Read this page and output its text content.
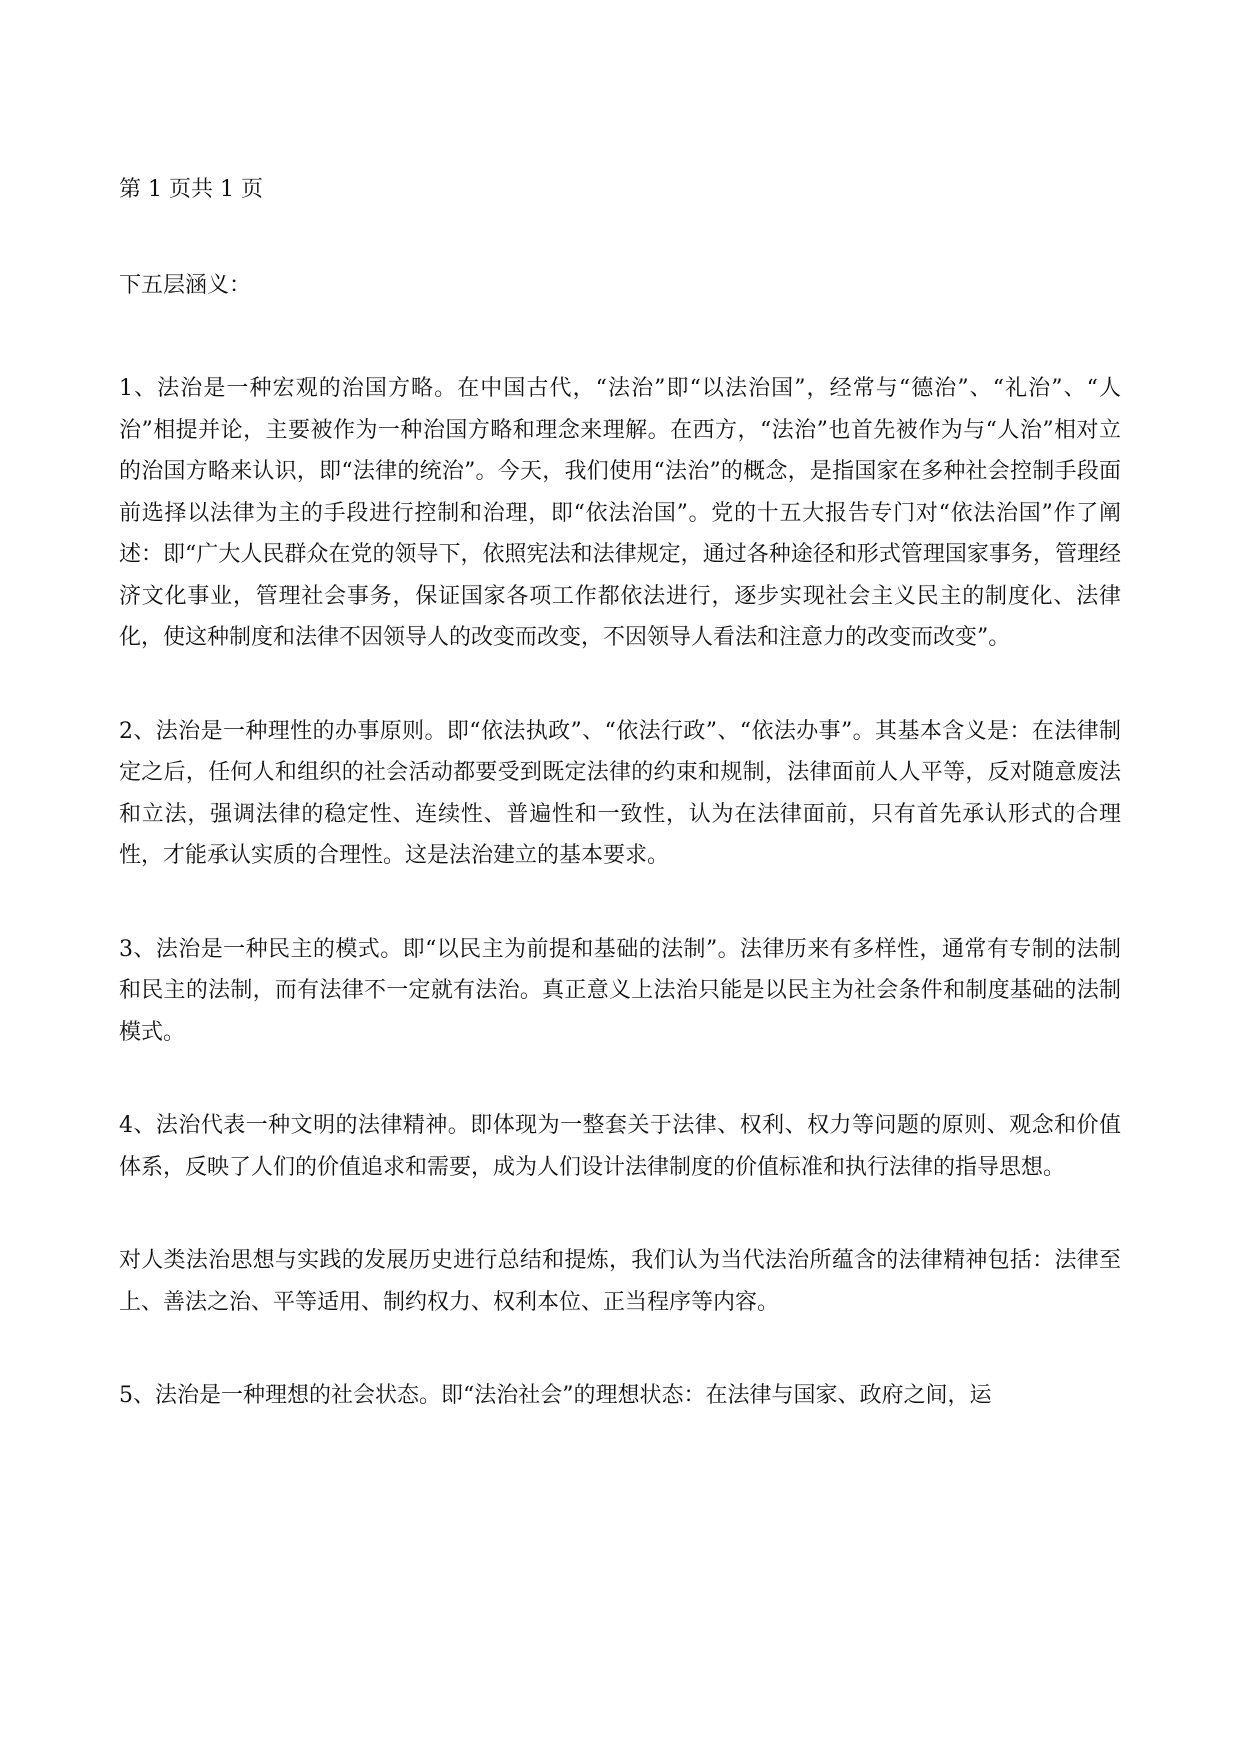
第 1 页共 1 页
下五层涵义：

1、法治是一种宏观的治国方略。在中国古代，“法治”即“以法治国”，经常与“德治”、“礼治”、“人治”相提并论，主要被作为一种治国方略和理念来理解。在西方，“法治”也首先被作为与“人治”相对立的治国方略来认识，即“法律的统治”。今天，我们使用“法治”的概念，是指国家在多种社会控制手段面前选择以法律为主的手段进行控制和治理，即“依法治国”。党的十五大报告专门对“依法治国”作了阐述：即“广大人民群众在党的领导下，依照宪法和法律规定，通过各种途径和形式管理国家事务，管理经济文化事业，管理社会事务，保证国家各项工作都依法进行，逐步实现社会主义民主的制度化、法律化，使这种制度和法律不因领导人的改变而改变，不因领导人看法和注意力的改变而改变”。

2、法治是一种理性的办事原则。即“依法执政”、“依法行政”、“依法办事”。其基本含义是：在法律制定之后，任何人和组织的社会活动都要受到既定法律的约束和规制，法律面前人人平等，反对随意废法和立法，强调法律的稳定性、连续性、普遍性和一致性，认为在法律面前，只有首先承认形式的合理性，才能承认实质的合理性。这是法治建立的基本要求。

3、法治是一种民主的模式。即“以民主为前提和基础的法制”。法律历来有多样性，通常有专制的法制和民主的法制，而有法律不一定就有法治。真正意义上法治只能是以民主为社会条件和制度基础的法制模式。

4、法治代表一种文明的法律精神。即体现为一整套关于法律、权利、权力等问题的原则、观念和价值体系，反映了人们的价值追求和需要，成为人们设计法律制度的价值标准和执行法律的指导思想。

对人类法治思想与实践的发展历史进行总结和提炼，我们认为当代法治所蕴含的法律精神包括：法律至上、善法之治、平等适用、制约权力、权利本位、正当程序等内容。

5、法治是一种理想的社会状态。即“法治社会”的理想状态：在法律与国家、政府之间，运
